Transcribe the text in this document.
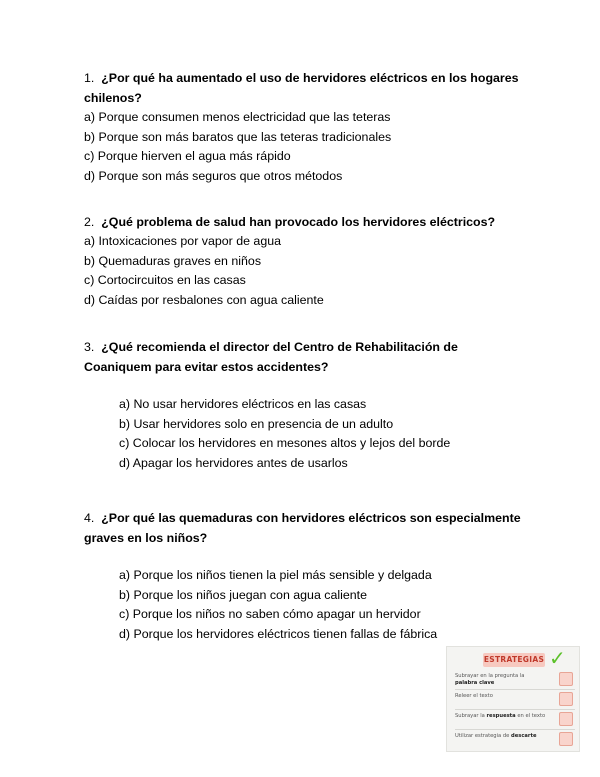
1. ¿Por qué ha aumentado el uso de hervidores eléctricos en los hogares chilenos?
a) Porque consumen menos electricidad que las teteras
b) Porque son más baratos que las teteras tradicionales
c) Porque hierven el agua más rápido
d) Porque son más seguros que otros métodos
2. ¿Qué problema de salud han provocado los hervidores eléctricos?
a) Intoxicaciones por vapor de agua
b) Quemaduras graves en niños
c) Cortocircuitos en las casas
d) Caídas por resbalones con agua caliente
3. ¿Qué recomienda el director del Centro de Rehabilitación de Coaniquem para evitar estos accidentes?
a) No usar hervidores eléctricos en las casas
b) Usar hervidores solo en presencia de un adulto
c) Colocar los hervidores en mesones altos y lejos del borde
d) Apagar los hervidores antes de usarlos
4. ¿Por qué las quemaduras con hervidores eléctricos son especialmente graves en los niños?
a) Porque los niños tienen la piel más sensible y delgada
b) Porque los niños juegan con agua caliente
c) Porque los niños no saben cómo apagar un hervidor
d) Porque los hervidores eléctricos tienen fallas de fábrica
ESTRATEGIAS ✓
Subrayar en la pregunta la
palabra clave
Releer el texto
Subrayar la respuesta en el texto
Utilizar estrategia de descarte
